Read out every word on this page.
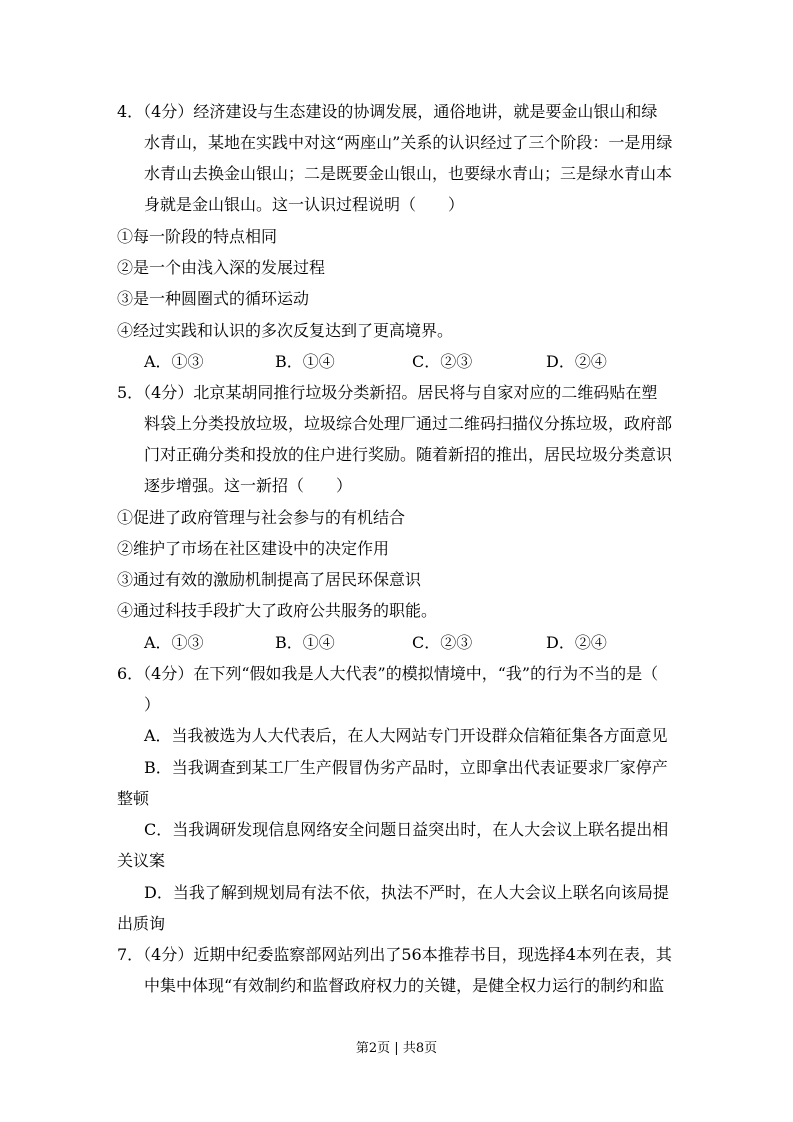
4．（4分）经济建设与生态建设的协调发展，通俗地讲，就是要金山银山和绿
水青山，某地在实践中对这“两座山”关系的认识经过了三个阶段：一是用绿
水青山去换金山银山；二是既要金山银山，也要绿水青山；三是绿水青山本
身就是金山银山。这一认识过程说明（　　）
①每一阶段的特点相同
②是一个由浅入深的发展过程
③是一种圆圈式的循环运动
④经过实践和认识的多次反复达到了更高境界。
A．①③	B．①④	C．②③	D．②④
5．（4分）北京某胡同推行垃圾分类新招。居民将与自家对应的二维码贴在塑
料袋上分类投放垃圾，垃圾综合处理厂通过二维码扫描仪分拣垃圾，政府部
门对正确分类和投放的住户进行奖励。随着新招的推出，居民垃圾分类意识
逐步增强。这一新招（　　）
①促进了政府管理与社会参与的有机结合
②维护了市场在社区建设中的决定作用
③通过有效的激励机制提高了居民环保意识
④通过科技手段扩大了政府公共服务的职能。
A．①③	B．①④	C．②③	D．②④
6．（4分）在下列“假如我是人大代表”的模拟情境中，“我”的行为不当的是（
）
A．当我被选为人大代表后，在人大网站专门开设群众信箱征集各方面意见
B．当我调查到某工厂生产假冒伪劣产品时，立即拿出代表证要求厂家停产
整顿
C．当我调研发现信息网络安全问题日益突出时，在人大会议上联名提出相
关议案
D．当我了解到规划局有法不依，执法不严时，在人大会议上联名向该局提
出质询
7．（4分）近期中纪委监察部网站列出了56本推荐书目，现选择4本列在表，其
中集中体现“有效制约和监督政府权力的关键，是健全权力运行的制约和监
第2页 | 共8页
